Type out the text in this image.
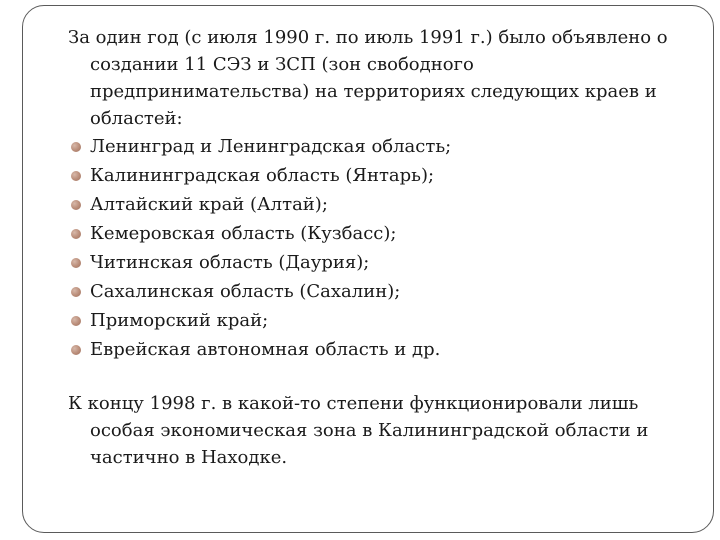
За один год (с июля 1990 г. по июль 1991 г.) было объявлено о создании 11 СЭЗ и ЗСП (зон свободного предпринимательства) на территориях следующих краев и областей:

Ленинград и Ленинградская область;
Калининградская область (Янтарь);
Алтайский край (Алтай);
Кемеровская область (Кузбасс);
Читинская область (Даурия);
Сахалинская область (Сахалин);
Приморский край;
Еврейская автономная область и др.

К концу 1998 г. в какой-то степени функционировали лишь особая экономическая зона в Калининградской области и частично в Находке.
